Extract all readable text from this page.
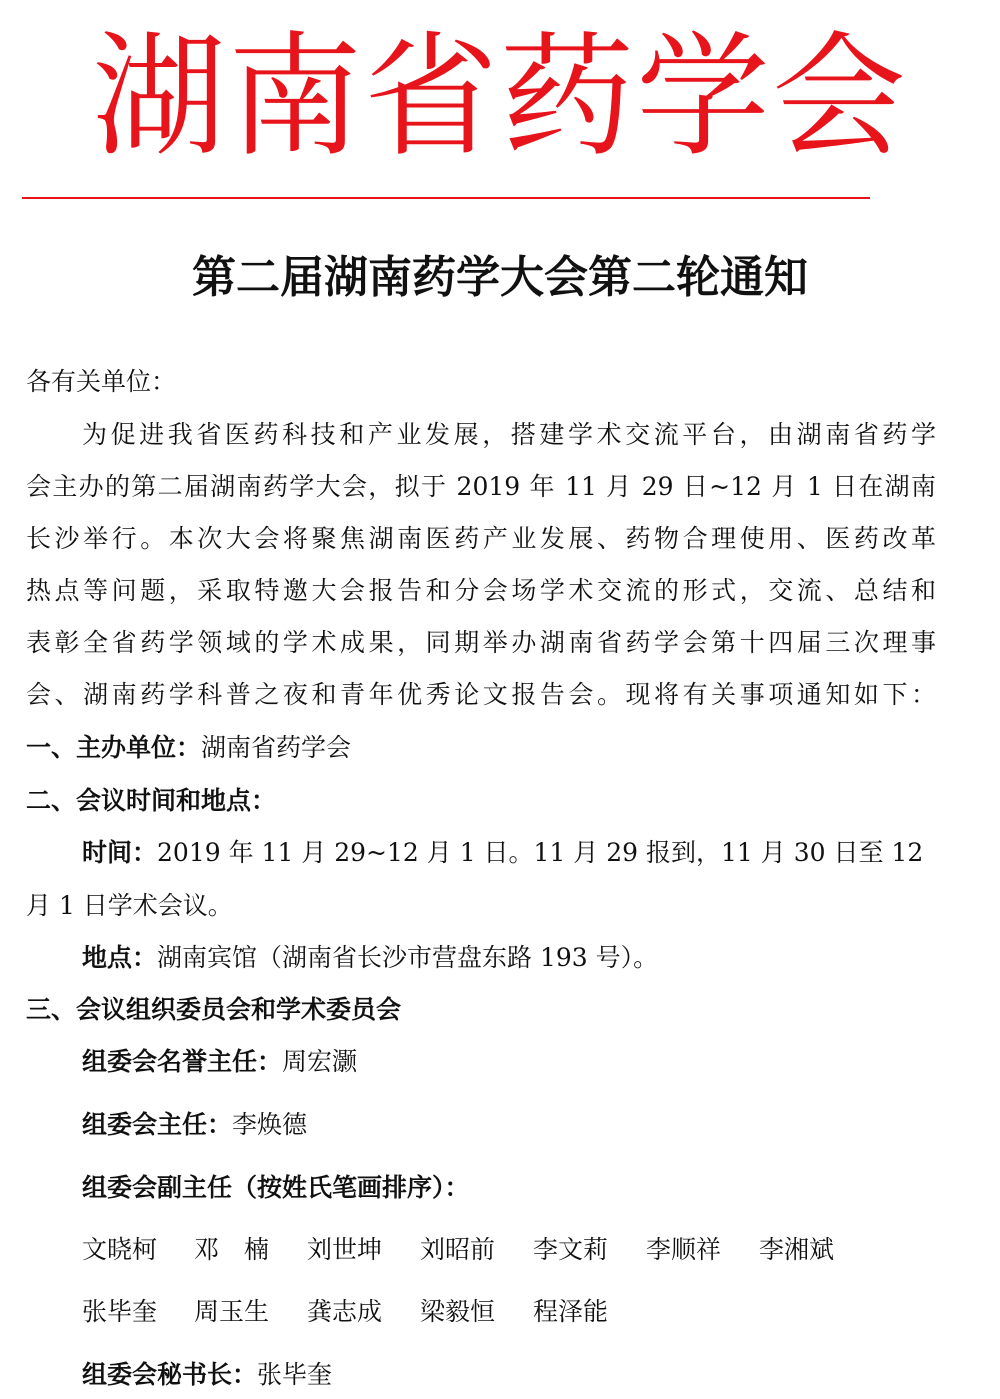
湖南省药学会
第二届湖南药学大会第二轮通知
各有关单位：
为促进我省医药科技和产业发展，搭建学术交流平台，由湖南省药学
会主办的第二届湖南药学大会，拟于 2019 年 11 月 29 日~12 月 1 日在湖南
长沙举行。本次大会将聚焦湖南医药产业发展、药物合理使用、医药改革
热点等问题，采取特邀大会报告和分会场学术交流的形式，交流、总结和
表彰全省药学领域的学术成果，同期举办湖南省药学会第十四届三次理事
会、湖南药学科普之夜和青年优秀论文报告会。现将有关事项通知如下：
一、主办单位：湖南省药学会
二、会议时间和地点：
时间：2019 年 11 月 29~12 月 1 日。11 月 29 报到，11 月 30 日至 12
月 1 日学术会议。
地点：湖南宾馆（湖南省长沙市营盘东路 193 号）。
三、会议组织委员会和学术委员会
组委会名誉主任：周宏灏
组委会主任：李焕德
组委会副主任（按姓氏笔画排序）：
文晓柯 邓　楠 刘世坤 刘昭前 李文莉 李顺祥 李湘斌
张毕奎 周玉生 龚志成 梁毅恒 程泽能
组委会秘书长：张毕奎
